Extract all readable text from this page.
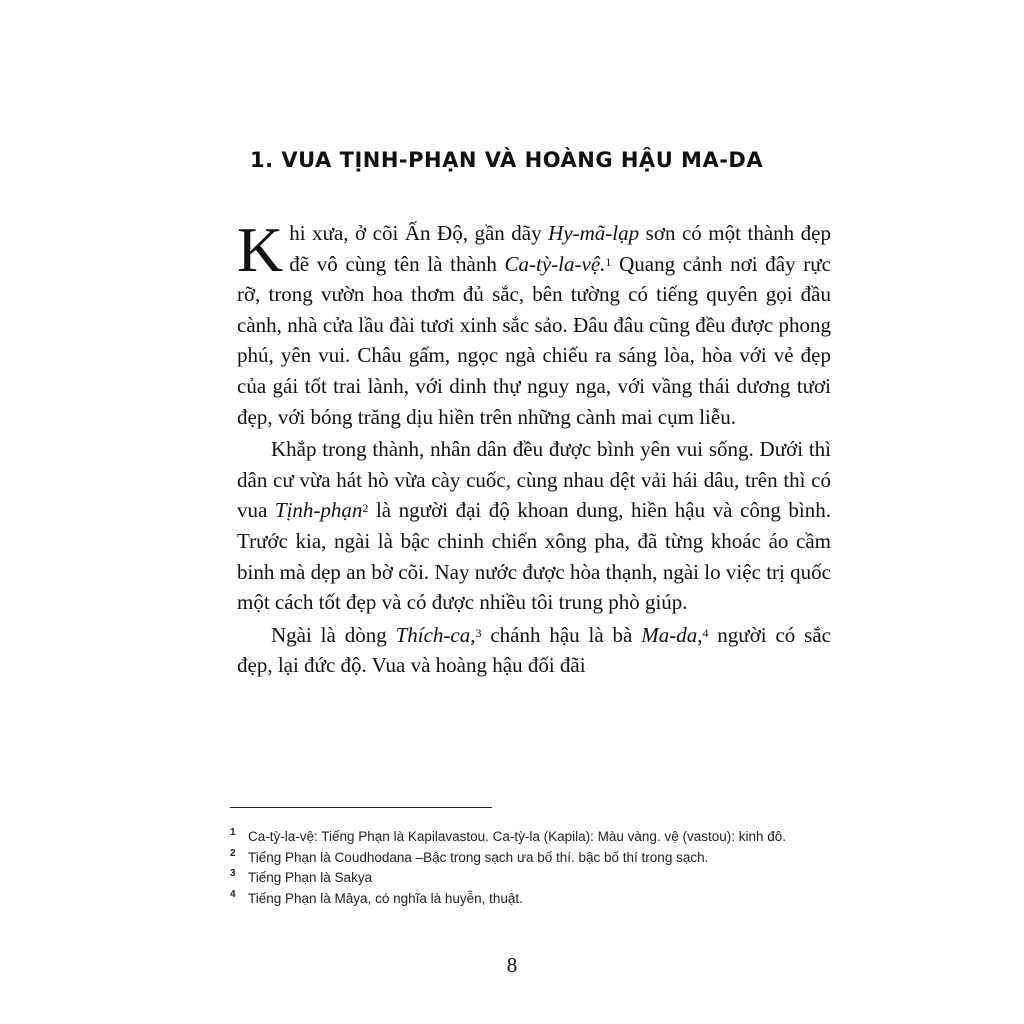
1. VUA TỊNH-PHẠN VÀ HOÀNG HẬU MA-DA

Khi xưa, ở cõi Ấn Độ, gần dãy Hy-mã-lạp sơn có một thành đẹp đẽ vô cùng tên là thành Ca-tỳ-la-vệ.$^1$ Quang cảnh nơi đây rực rỡ, trong vườn hoa thơm đủ sắc, bên tường có tiếng quyên gọi đầu cành, nhà cửa lầu đài tươi xinh sắc sảo. Đâu đâu cũng đều được phong phú, yên vui. Châu gấm, ngọc ngà chiếu ra sáng lòa, hòa với vẻ đẹp của gái tốt trai lành, với dinh thự nguy nga, với vầng thái dương tươi đẹp, với bóng trăng dịu hiền trên những cành mai cụm liễu.

Khắp trong thành, nhân dân đều được bình yên vui sống. Dưới thì dân cư vừa hát hò vừa cày cuốc, cùng nhau dệt vải hái dâu, trên thì có vua Tịnh-phạn$^2$ là người đại độ khoan dung, hiền hậu và công bình. Trước kia, ngài là bậc chinh chiến xông pha, đã từng khoác áo cầm binh mà dẹp an bờ cõi. Nay nước được hòa thạnh, ngài lo việc trị quốc một cách tốt đẹp và có được nhiều tôi trung phò giúp.

Ngài là dòng Thích-ca,$^3$ chánh hậu là bà Ma-da,$^4$ người có sắc đẹp, lại đức độ. Vua và hoàng hậu đối đãi

1 Ca-tỳ-la-vệ: Tiếng Phạn là Kapilavastou. Ca-tỳ-la (Kapila): Màu vàng. vệ (vastou): kinh đô.
2 Tiếng Phạn là Coudhodana –Bậc trong sạch ưa bố thí. bậc bố thí trong sạch.
3 Tiếng Phạn là Sakya
4 Tiếng Phạn là Mâya, có nghĩa là huyễn, thuật.
8
